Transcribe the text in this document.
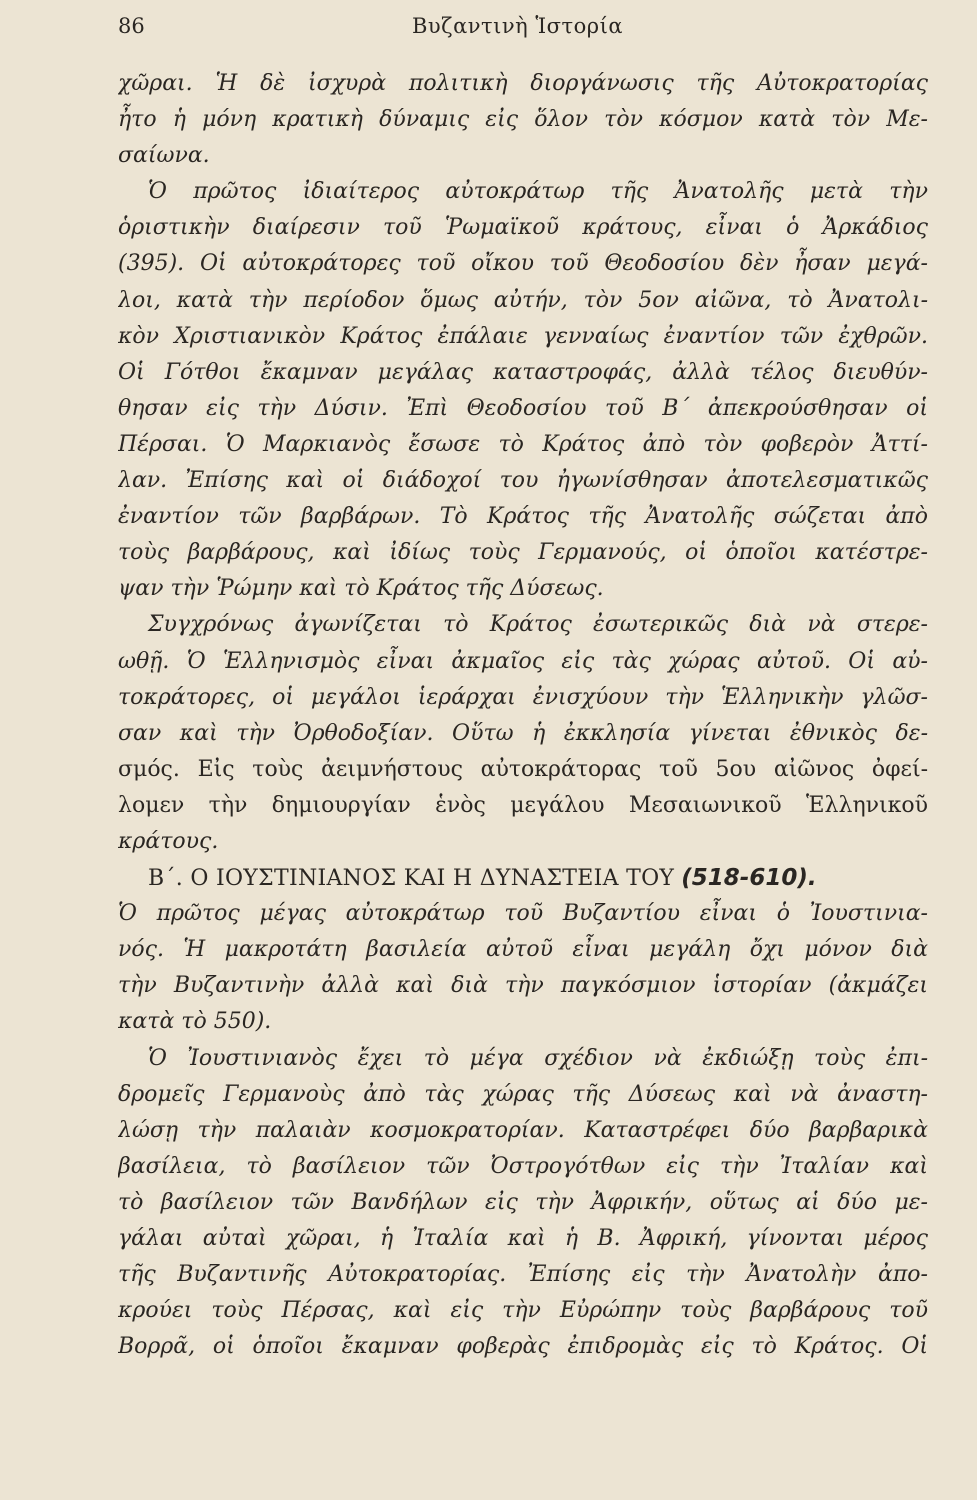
86	Βυζαντινὴ Ἱστορία
χῶραι. Ἡ δὲ ἰσχυρὰ πολιτικὴ διοργάνωσις τῆς Αὐτοκρατορίας
ἦτο ἡ μόνη κρατικὴ δύναμις εἰς ὅλον τὸν κόσμον κατὰ τὸν Με-
σαίωνα.
Ὁ πρῶτος ἰδιαίτερος αὐτοκράτωρ τῆς Ἀνατολῆς μετὰ τὴν
ὁριστικὴν διαίρεσιν τοῦ Ῥωμαϊκοῦ κράτους, εἶναι ὁ Ἀρκάδιος
(395). Οἱ αὐτοκράτορες τοῦ οἴκου τοῦ Θεοδοσίου δὲν ἦσαν μεγά-
λοι, κατὰ τὴν περίοδον ὅμως αὐτήν, τὸν 5ον αἰῶνα, τὸ Ἀνατολι-
κὸν Χριστιανικὸν Κράτος ἐπάλαιε γενναίως ἐναντίον τῶν ἐχθρῶν.
Οἱ Γότθοι ἔκαμναν μεγάλας καταστροφάς, ἀλλὰ τέλος διευθύν-
θησαν εἰς τὴν Δύσιν. Ἐπὶ Θεοδοσίου τοῦ Β΄ ἀπεκρούσθησαν οἱ
Πέρσαι. Ὁ Μαρκιανὸς ἔσωσε τὸ Κράτος ἀπὸ τὸν φοβερὸν Ἀττί-
λαν. Ἐπίσης καὶ οἱ διάδοχοί του ἠγωνίσθησαν ἀποτελεσματικῶς
ἐναντίον τῶν βαρβάρων. Τὸ Κράτος τῆς Ἀνατολῆς σώζεται ἀπὸ
τοὺς βαρβάρους, καὶ ἰδίως τοὺς Γερμανούς, οἱ ὁποῖοι κατέστρε-
ψαν τὴν Ῥώμην καὶ τὸ Κράτος τῆς Δύσεως.
Συγχρόνως ἀγωνίζεται τὸ Κράτος ἐσωτερικῶς διὰ νὰ στερε-
ωθῇ. Ὁ Ἑλληνισμὸς εἶναι ἀκμαῖος εἰς τὰς χώρας αὐτοῦ. Οἱ αὐ-
τοκράτορες, οἱ μεγάλοι ἱεράρχαι ἐνισχύουν τὴν Ἑλληνικὴν γλῶσ-
σαν καὶ τὴν Ὀρθοδοξίαν. Οὕτω ἡ ἐκκλησία γίνεται ἐθνικὸς δε-
σμός. Εἰς τοὺς ἀειμνήστους αὐτοκράτορας τοῦ 5ου αἰῶνος ὀφεί-
λομεν τὴν δημιουργίαν ἑνὸς μεγάλου Μεσαιωνικοῦ Ἑλληνικοῦ
κράτους.
Β΄. Ο ΙΟΥΣΤΙΝΙΑΝΟΣ ΚΑΙ Η ΔΥΝΑΣΤΕΙΑ ΤΟΥ (518-610).
Ὁ πρῶτος μέγας αὐτοκράτωρ τοῦ Βυζαντίου εἶναι ὁ Ἰουστινια-
νός. Ἡ μακροτάτη βασιλεία αὐτοῦ εἶναι μεγάλη ὄχι μόνον διὰ
τὴν Βυζαντινὴν ἀλλὰ καὶ διὰ τὴν παγκόσμιον ἱστορίαν (ἀκμάζει
κατὰ τὸ 550).
Ὁ Ἰουστινιανὸς ἔχει τὸ μέγα σχέδιον νὰ ἐκδιώξῃ τοὺς ἐπι-
δρομεῖς Γερμανοὺς ἀπὸ τὰς χώρας τῆς Δύσεως καὶ νὰ ἀναστη-
λώσῃ τὴν παλαιὰν κοσμοκρατορίαν. Καταστρέφει δύο βαρβαρικὰ
βασίλεια, τὸ βασίλειον τῶν Ὀστρογότθων εἰς τὴν Ἰταλίαν καὶ
τὸ βασίλειον τῶν Βανδήλων εἰς τὴν Ἀφρικήν, οὕτως αἱ δύο με-
γάλαι αὐταὶ χῶραι, ἡ Ἰταλία καὶ ἡ Β. Ἀφρική, γίνονται μέρος
τῆς Βυζαντινῆς Αὐτοκρατορίας. Ἐπίσης εἰς τὴν Ἀνατολὴν ἀπο-
κρούει τοὺς Πέρσας, καὶ εἰς τὴν Εὐρώπην τοὺς βαρβάρους τοῦ
Βορρᾶ, οἱ ὁποῖοι ἔκαμναν φοβερὰς ἐπιδρομὰς εἰς τὸ Κράτος. Οἱ
